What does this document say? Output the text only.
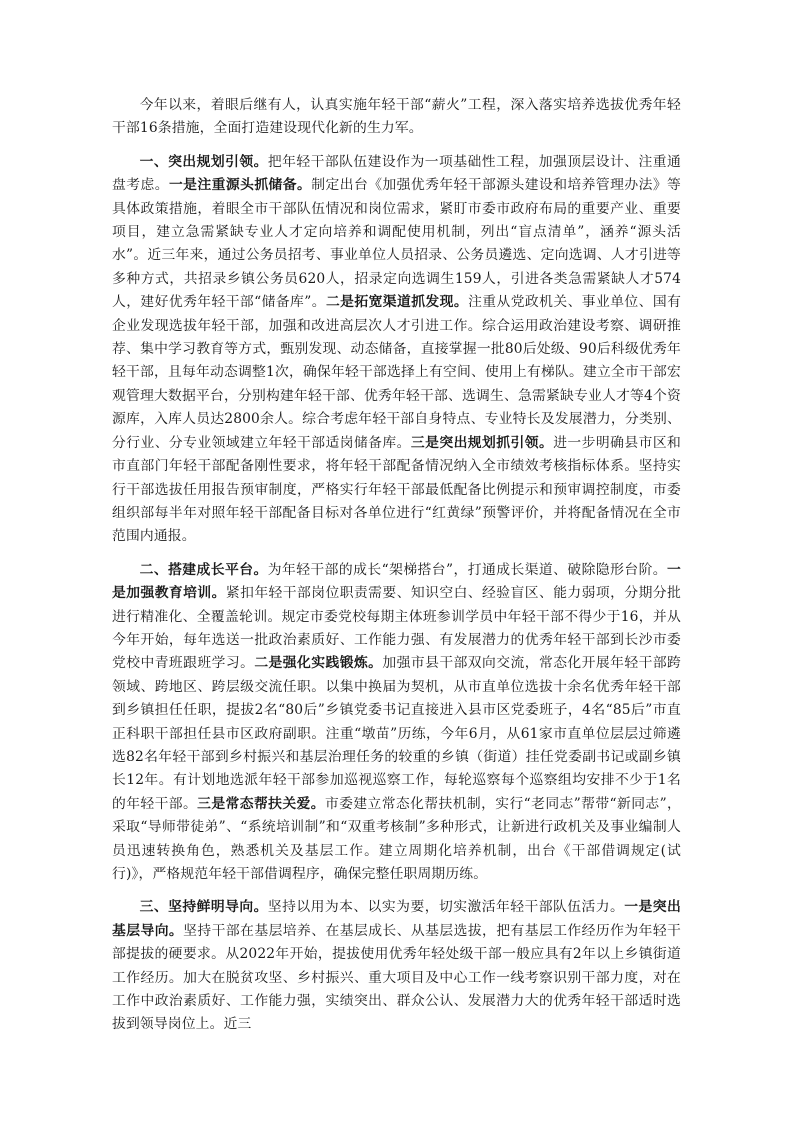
今年以来，着眼后继有人，认真实施年轻干部“薪火”工程，深入落实培养选拔优秀年轻干部16条措施，全面打造建设现代化新的生力军。

一、突出规划引领。把年轻干部队伍建设作为一项基础性工程，加强顶层设计、注重通盘考虑。一是注重源头抓储备。制定出台《加强优秀年轻干部源头建设和培养管理办法》等具体政策措施，着眼全市干部队伍情况和岗位需求，紧盯市委市政府布局的重要产业、重要项目，建立急需紧缺专业人才定向培养和调配使用机制，列出“盲点清单”，涵养“源头活水”。近三年来，通过公务员招考、事业单位人员招录、公务员遴选、定向选调、人才引进等多种方式，共招录乡镇公务员620人，招录定向选调生159人，引进各类急需紧缺人才574人，建好优秀年轻干部“储备库”。二是拓宽渠道抓发现。注重从党政机关、事业单位、国有企业发现选拔年轻干部，加强和改进高层次人才引进工作。综合运用政治建设考察、调研推荐、集中学习教育等方式，甄别发现、动态储备，直接掌握一批80后处级、90后科级优秀年轻干部，且每年动态调整1次，确保年轻干部选择上有空间、使用上有梯队。建立全市干部宏观管理大数据平台，分别构建年轻干部、优秀年轻干部、选调生、急需紧缺专业人才等4个资源库，入库人员达2800余人。综合考虑年轻干部自身特点、专业特长及发展潜力，分类别、分行业、分专业领域建立年轻干部适岗储备库。三是突出规划抓引领。进一步明确县市区和市直部门年轻干部配备刚性要求，将年轻干部配备情况纳入全市绩效考核指标体系。坚持实行干部选拔任用报告预审制度，严格实行年轻干部最低配备比例提示和预审调控制度，市委组织部每半年对照年轻干部配备目标对各单位进行“红黄绿”预警评价，并将配备情况在全市范围内通报。

二、搭建成长平台。为年轻干部的成长“架梯搭台”，打通成长渠道、破除隐形台阶。一是加强教育培训。紧扣年轻干部岗位职责需要、知识空白、经验盲区、能力弱项，分期分批进行精准化、全覆盖轮训。规定市委党校每期主体班参训学员中年轻干部不得少于16，并从今年开始，每年选送一批政治素质好、工作能力强、有发展潜力的优秀年轻干部到长沙市委党校中青班跟班学习。二是强化实践锻炼。加强市县干部双向交流，常态化开展年轻干部跨领域、跨地区、跨层级交流任职。以集中换届为契机，从市直单位选拔十余名优秀年轻干部到乡镇担任任职，提拔2名“80后”乡镇党委书记直接进入县市区党委班子，4名“85后”市直正科职干部担任县市区政府副职。注重“墩苗”历练，今年6月，从61家市直单位层层过筛遴选82名年轻干部到乡村振兴和基层治理任务的较重的乡镇（街道）挂任党委副书记或副乡镇长12年。有计划地选派年轻干部参加巡视巡察工作，每轮巡察每个巡察组均安排不少于1名的年轻干部。三是常态帮扶关爱。市委建立常态化帮扶机制，实行“老同志”帮带“新同志”，采取“导师带徒弟”、“系统培训制”和“双重考核制”多种形式，让新进行政机关及事业编制人员迅速转换角色，熟悉机关及基层工作。建立周期化培养机制，出台《干部借调规定(试行)》，严格规范年轻干部借调程序，确保完整任职周期历练。

三、坚持鲜明导向。坚持以用为本、以实为要，切实激活年轻干部队伍活力。一是突出基层导向。坚持干部在基层培养、在基层成长、从基层选拔，把有基层工作经历作为年轻干部提拔的硬要求。从2022年开始，提拔使用优秀年轻处级干部一般应具有2年以上乡镇街道工作经历。加大在脱贫攻坚、乡村振兴、重大项目及中心工作一线考察识别干部力度，对在工作中政治素质好、工作能力强，实绩突出、群众公认、发展潜力大的优秀年轻干部适时选拔到领导岗位上。近三
